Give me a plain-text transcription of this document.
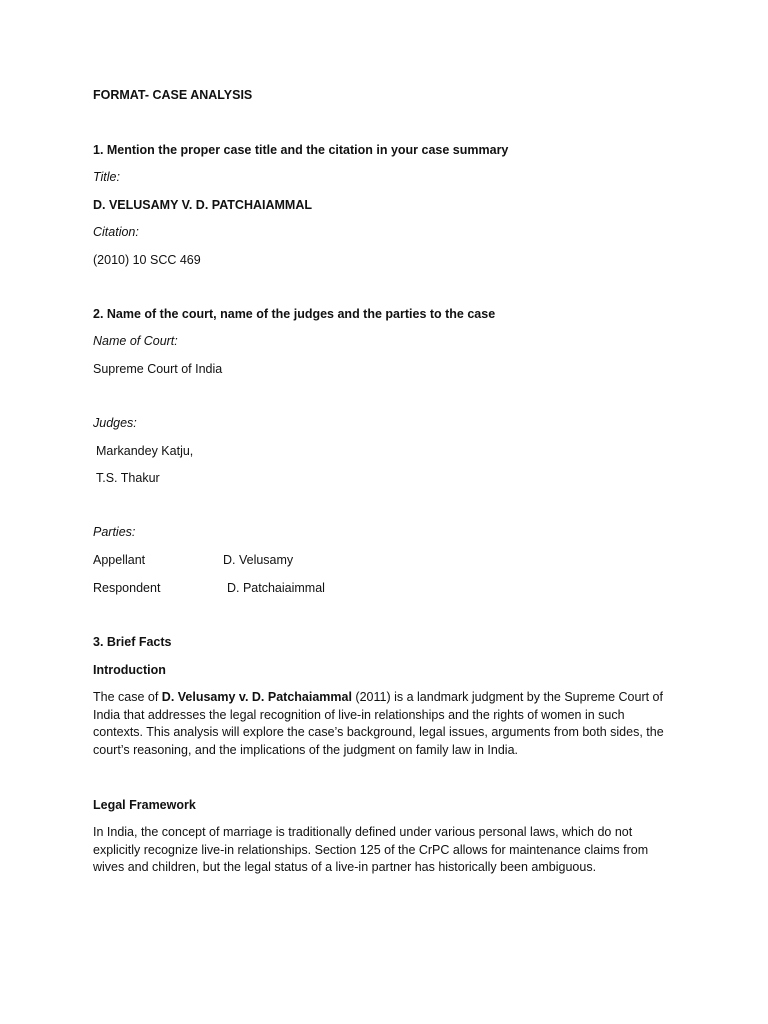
FORMAT- CASE ANALYSIS
1. Mention the proper case title and the citation in your case summary
Title:
D. VELUSAMY V. D. PATCHAIAMMAL
Citation:
(2010) 10 SCC 469
2. Name of the court, name of the judges and the parties to the case
Name of Court:
Supreme Court of India
Judges:
Markandey Katju,
T.S. Thakur
Parties:
Appellant	D. Velusamy
Respondent	D. Patchaiaimmal
3. Brief Facts
Introduction
The case of D. Velusamy v. D. Patchaiammal (2011) is a landmark judgment by the Supreme Court of India that addresses the legal recognition of live-in relationships and the rights of women in such contexts. This analysis will explore the case’s background, legal issues, arguments from both sides, the court’s reasoning, and the implications of the judgment on family law in India.
Legal Framework
In India, the concept of marriage is traditionally defined under various personal laws, which do not explicitly recognize live-in relationships. Section 125 of the CrPC allows for maintenance claims from wives and children, but the legal status of a live-in partner has historically been ambiguous.
